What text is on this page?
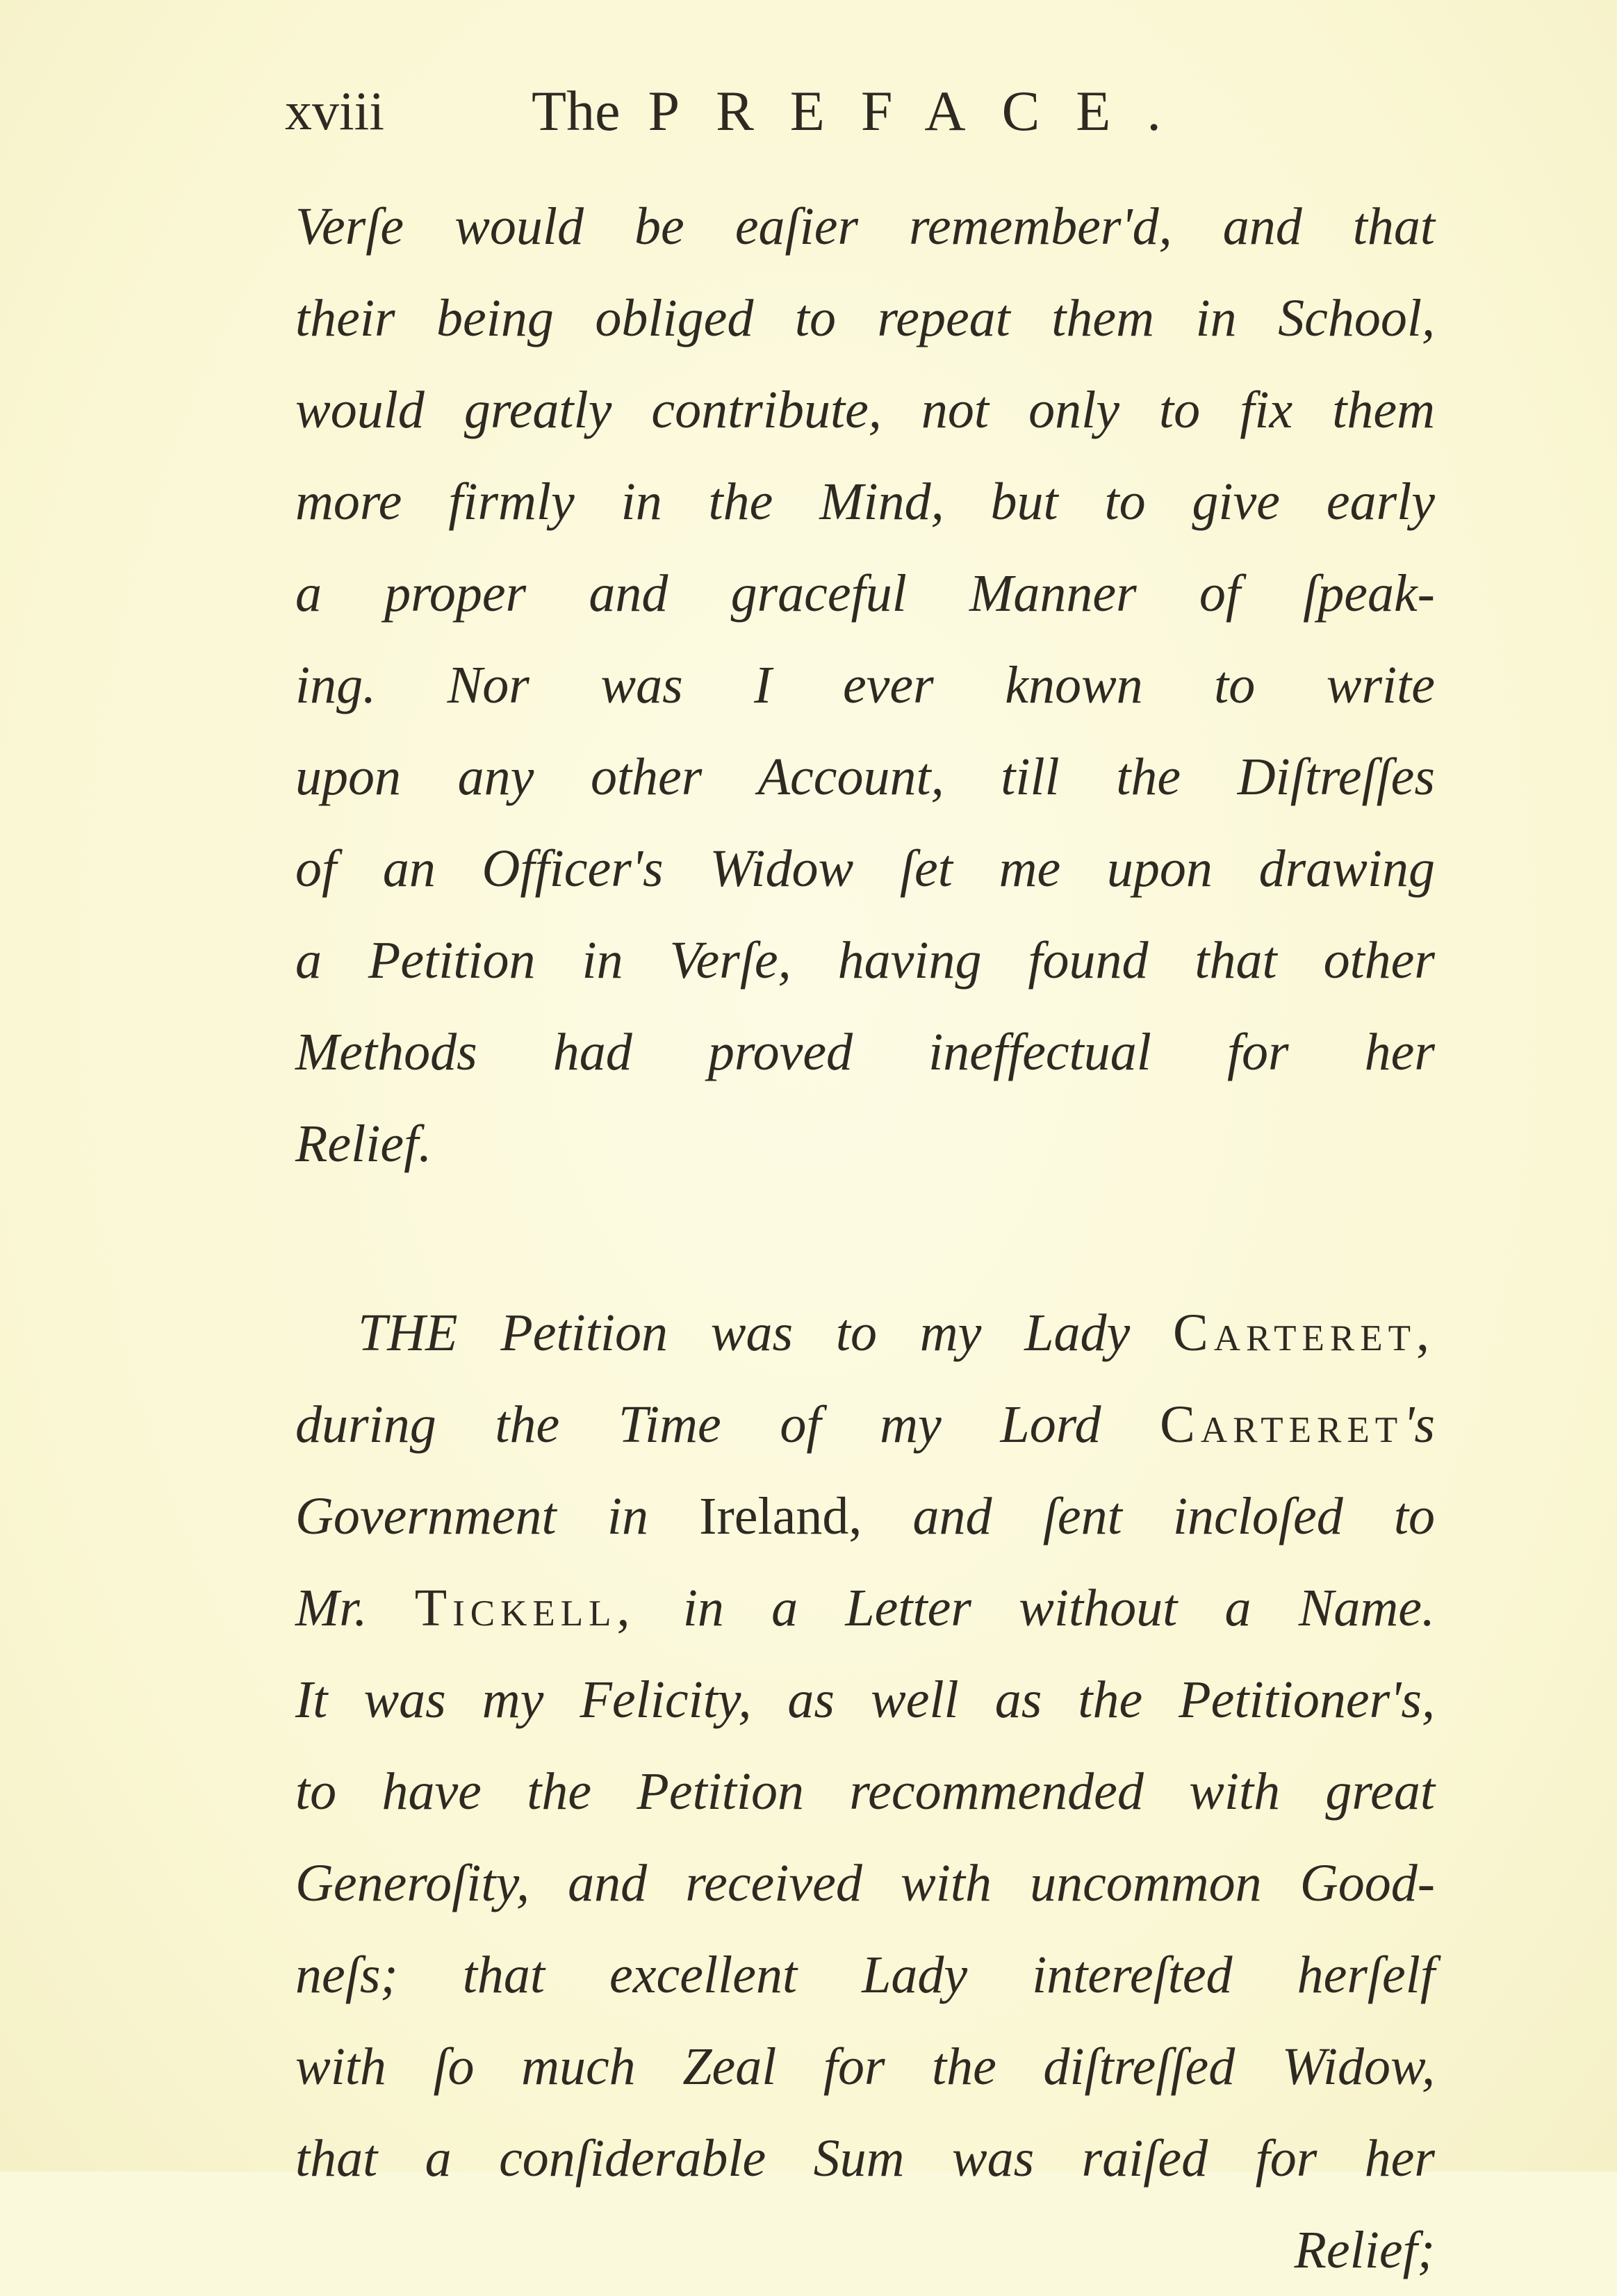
xviii	The PREFACE.
Verſe would be eaſier remember'd, and that
their being obliged to repeat them in School,
would greatly contribute, not only to fix them
more firmly in the Mind, but to give early
a proper and graceful Manner of ſpeak-
ing. Nor was I ever known to write
upon any other Account, till the Diſtreſſes
of an Officer's Widow ſet me upon drawing
a Petition in Verſe, having found that other
Methods had proved ineffectual for her
Relief.
THE Petition was to my Lady Carteret,
during the Time of my Lord Carteret's
Government in Ireland, and ſent incloſed to
Mr. Tickell, in a Letter without a Name.
It was my Felicity, as well as the Petitioner's,
to have the Petition recommended with great
Generoſity, and received with uncommon Good-
neſs; that excellent Lady intereſted herſelf
with ſo much Zeal for the diſtreſſed Widow,
that a conſiderable Sum was raiſed for her
Relief;
